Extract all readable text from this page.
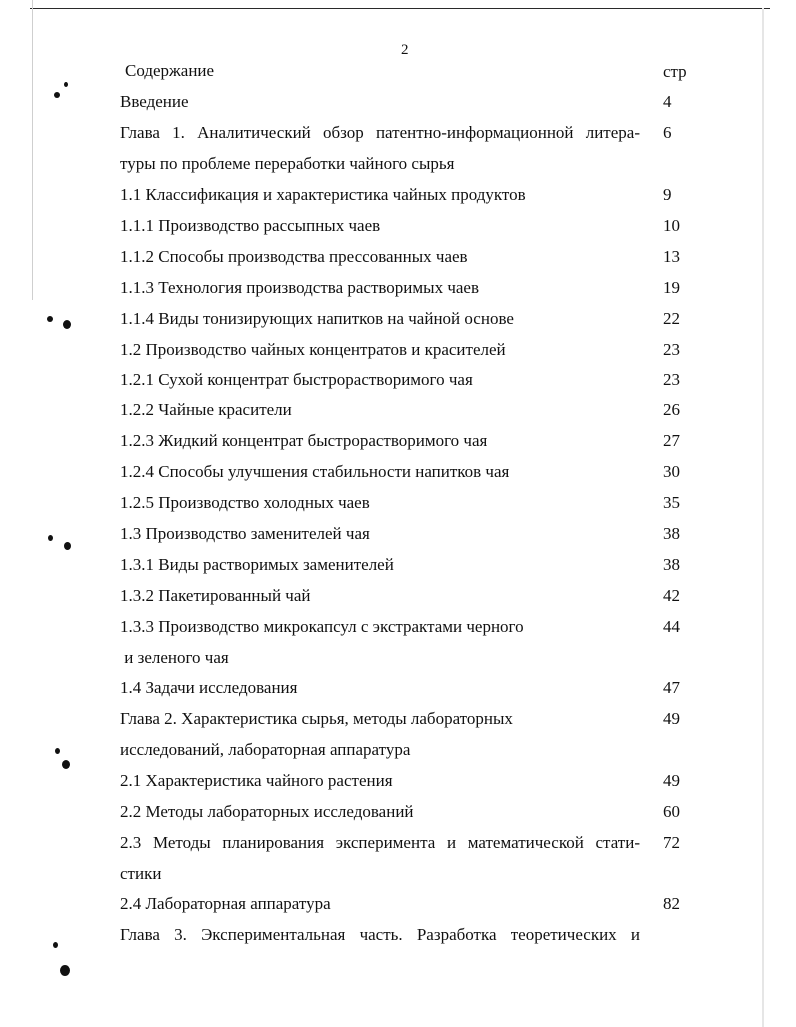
2
Содержание	стр
Введение	4
Глава 1. Аналитический обзор патентно-информационной литера- 6
туры по проблеме переработки чайного сырья
1.1 Классификация и характеристика чайных продуктов	9
1.1.1 Производство рассыпных чаев	10
1.1.2 Способы производства прессованных чаев	13
1.1.3 Технология производства растворимых чаев	19
1.1.4 Виды тонизирующих напитков на чайной основе	22
1.2 Производство чайных концентратов и красителей	23
1.2.1 Сухой концентрат быстрорастворимого чая	23
1.2.2 Чайные красители	26
1.2.3 Жидкий концентрат быстрорастворимого чая	27
1.2.4 Способы улучшения стабильности напитков чая	30
1.2.5 Производство холодных чаев	35
1.3 Производство заменителей чая	38
1.3.1 Виды растворимых заменителей	38
1.3.2 Пакетированный чай	42
1.3.3 Производство микрокапсул с экстрактами черного	44
и зеленого чая
1.4 Задачи исследования	47
Глава 2. Характеристика сырья, методы лабораторных	49
исследований, лабораторная аппаратура
2.1 Характеристика чайного растения	49
2.2 Методы лабораторных исследований	60
2.3 Методы планирования эксперимента и математической стати- 72
стики
2.4 Лабораторная аппаратура	82
Глава 3. Экспериментальная часть. Разработка теоретических и
